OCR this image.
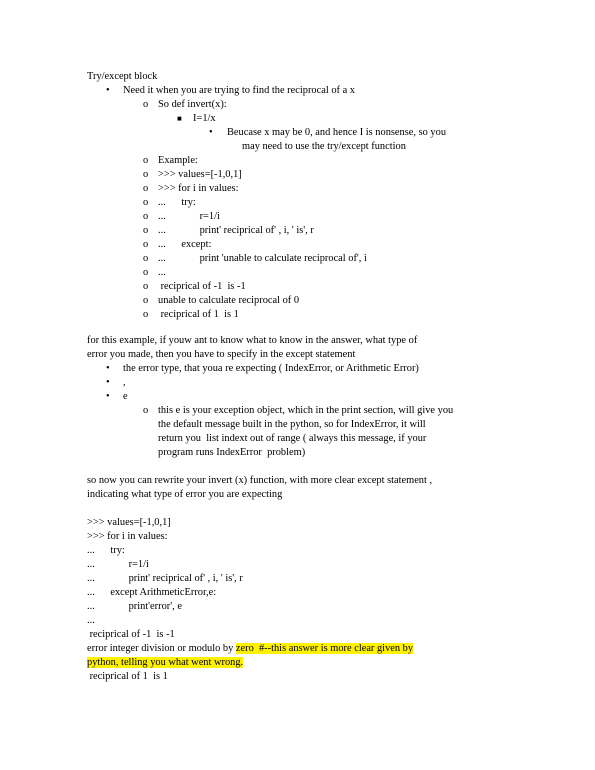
Try/except block
• Need it when you are trying to find the reciprocal of a x
o So def invert(x):
■ I=1/x
• Beucase x may be 0, and hence I is nonsense, so you
may need to use the try/except function
o Example:
o >>> values=[-1,0,1]
o >>> for i in values:
o ...      try:
o ...             r=1/i
o ...             print' reciprical of' , i, ' is', r
o ...      except:
o ...             print 'unable to calculate reciprocal of', i
o ...
o reciprical of -1  is -1
o unable to calculate reciprocal of 0
o reciprical of 1  is 1
for this example, if youw ant to know what to know in the answer, what type of
error you made, then you have to specify in the except statement
• the error type, that youa re expecting ( IndexError, or Arithmetic Error)
• ,
• e
o this e is your exception object, which in the print section, will give you
the default message built in the python, so for IndexError, it will
return you  list indext out of range ( always this message, if your
program runs IndexError  problem)
so now you can rewrite your invert (x) function, with more clear except statement ,
indicating what type of error you are expecting
>>> values=[-1,0,1]
>>> for i in values:
...      try:
...             r=1/i
...             print' reciprical of' , i, ' is', r
...      except ArithmeticError,e:
...             print'error', e
...
reciprical of -1  is -1
error integer division or modulo by zero  #--this answer is more clear given by
python, telling you what went wrong.
reciprical of 1  is 1
